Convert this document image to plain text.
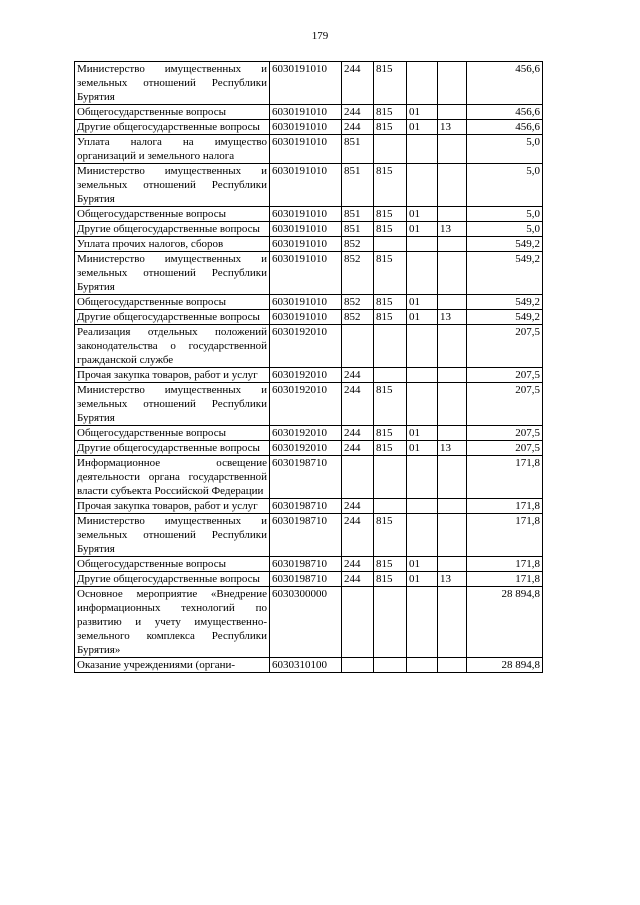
179
Министерство имущественных и земельных отношений Республики Бурятия	6030191010	244	815			456,6
Общегосударственные вопросы	6030191010	244	815	01		456,6
Другие общегосударственные вопросы	6030191010	244	815	01	13	456,6
Уплата налога на имущество организаций и земельного налога	6030191010	851				5,0
Министерство имущественных и земельных отношений Республики Бурятия	6030191010	851	815			5,0
Общегосударственные вопросы	6030191010	851	815	01		5,0
Другие общегосударственные вопросы	6030191010	851	815	01	13	5,0
Уплата прочих налогов, сборов	6030191010	852				549,2
Министерство имущественных и земельных отношений Республики Бурятия	6030191010	852	815			549,2
Общегосударственные вопросы	6030191010	852	815	01		549,2
Другие общегосударственные вопросы	6030191010	852	815	01	13	549,2
Реализация отдельных положений законодательства о государственной гражданской службе	6030192010					207,5
Прочая закупка товаров, работ и услуг	6030192010	244				207,5
Министерство имущественных и земельных отношений Республики Бурятия	6030192010	244	815			207,5
Общегосударственные вопросы	6030192010	244	815	01		207,5
Другие общегосударственные вопросы	6030192010	244	815	01	13	207,5
Информационное освещение деятельности органа государственной власти субъекта Российской Федерации	6030198710					171,8
Прочая закупка товаров, работ и услуг	6030198710	244				171,8
Министерство имущественных и земельных отношений Республики Бурятия	6030198710	244	815			171,8
Общегосударственные вопросы	6030198710	244	815	01		171,8
Другие общегосударственные вопросы	6030198710	244	815	01	13	171,8
Основное мероприятие «Внедрение информационных технологий по развитию и учету имущественно-земельного комплекса Республики Бурятия»	6030300000					28 894,8
Оказание учреждениями (органи-	6030310100					28 894,8
